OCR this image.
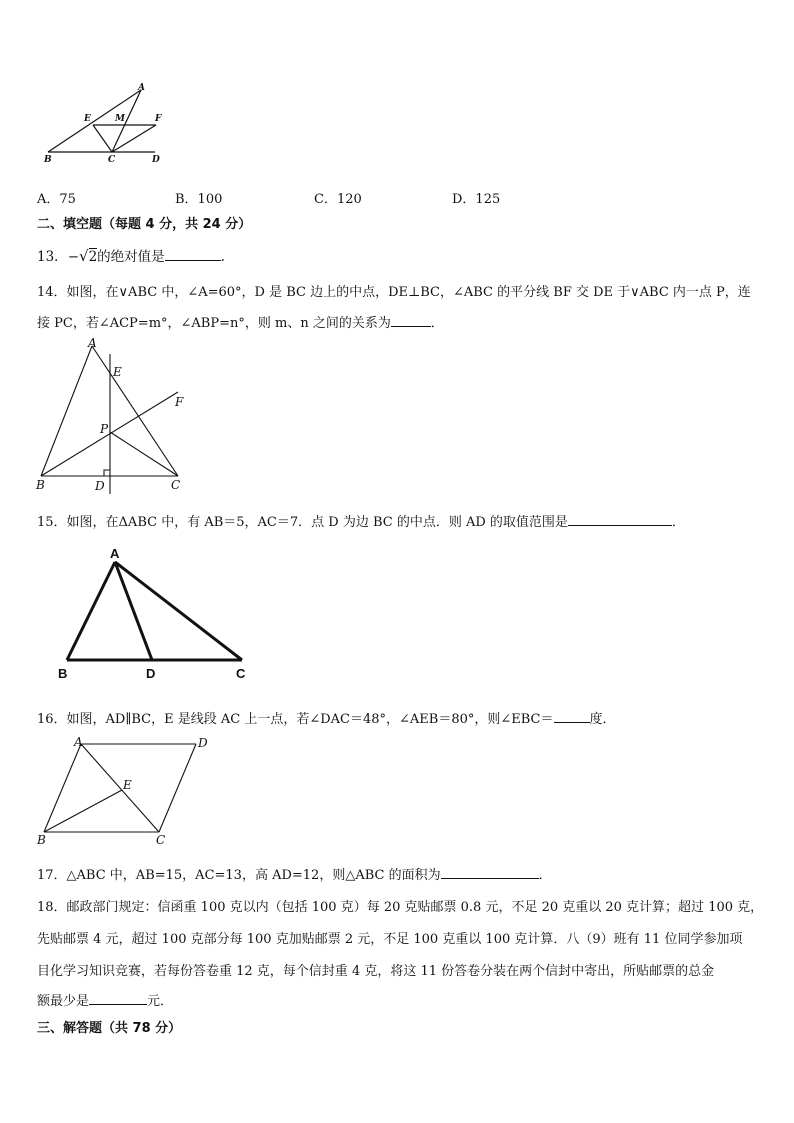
A
E	M	F
B	C	D
A．75	B．100	C．120	D．125
二、填空题（每题 4 分，共 24 分）
13．−√2的绝对值是	.
14．如图，在∨ABC 中，∠A=60°，D 是 BC 边上的中点，DE⊥BC，∠ABC 的平分线 BF 交 DE 于∨ABC 内一点 P，连
接 PC，若∠ACP=m°，∠ABP=n°，则 m、n 之间的关系为	．
A
E
F
P
B	D	C
15．如图，在ΔABC 中，有 AB＝5，AC＝7．点 D 为边 BC 的中点．则 AD 的取值范围是	．
A
B	D	C
16．如图，AD∥BC，E 是线段 AC 上一点，若∠DAC＝48°，∠AEB＝80°，则∠EBC＝	度．
A	D
E
B	C
17．△ABC 中，AB=15，AC=13，高 AD=12，则△ABC 的面积为	．
18．邮政部门规定：信函重 100 克以内（包括 100 克）每 20 克贴邮票 0.8 元，不足 20 克重以 20 克计算；超过 100 克，
先贴邮票 4 元，超过 100 克部分每 100 克加贴邮票 2 元，不足 100 克重以 100 克计算．八（9）班有 11 位同学参加项
目化学习知识竞赛，若每份答卷重 12 克，每个信封重 4 克，将这 11 份答卷分装在两个信封中寄出，所贴邮票的总金
额最少是	元．
三、解答题（共 78 分）
